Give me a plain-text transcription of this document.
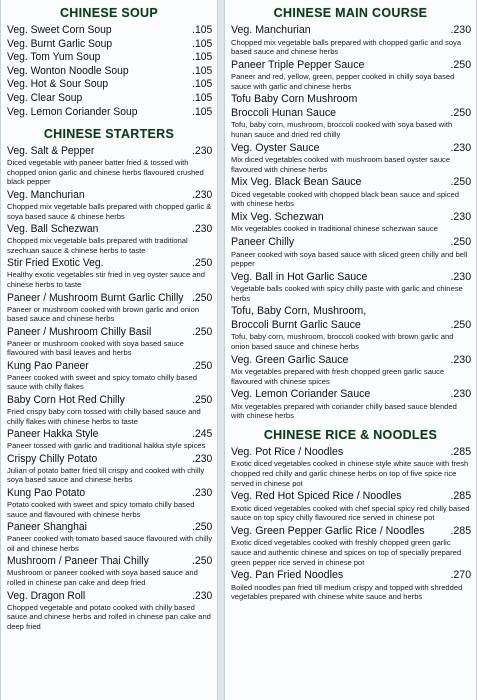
CHINESE SOUP
Veg. Sweet Corn Soup	.105
Veg. Burnt Garlic Soup	.105
Veg. Tom Yum Soup	.105
Veg. Wonton Noodle Soup	.105
Veg. Hot & Sour Soup	.105
Veg. Clear Soup	.105
Veg. Lemon Coriander Soup	.105
CHINESE STARTERS
Veg. Salt & Pepper	.230
Diced vegetable with paneer batter fried & tossed with chopped onion garlic and chinese herbs flavoured crushed black pepper
Veg. Manchurian	.230
Chopped mix vegetable balls prepared with chopped garlic & soya based sauce & chinese herbs
Veg. Ball Schezwan	.230
Chopped mix vegetable balls prepared with traditional szechuan sauce & chinese herbs to taste
Stir Fried Exotic Veg.	.250
Healthy exotic vegetables stir fried in veg oyster sauce and chinese herbs to taste
Paneer / Mushroom Burnt Garlic Chilly .250
Paneer or mushroom cooked with brown garlic and onion based sauce and chinese herbs
Paneer / Mushroom Chilly Basil	.250
Paneer or mushroom cooked with soya based sauce flavoured with basil leaves and herbs
Kung Pao Paneer	.250
Paneer cooked with sweet and spicy tomato chilly based sauce with chilly flakes
Baby Corn Hot Red Chilly	.250
Fried crispy baby corn tossed with chilly based sauce and chilly flakes with chinese herbs to taste
Paneer Hakka Style	.245
Paneer tossed with garlic and traditional hakka style spices
Crispy Chilly Potato	.230
Julian of potato batter fried till crispy and cooked with chilly soya based sauce and chinese herbs
Kung Pao Potato	.230
Potato cooked with sweet and spicy tomato chilly based sauce and flavoured with chinese herbs
Paneer Shanghai	.250
Paneer cooked with tomato based sauce flavoured with chilly oil and chinese herbs
Mushroom / Paneer Thai Chilly	.250
Mushroom or paneer cooked with soya based sauce and rolled in chinese pan cake and deep fried
Veg. Dragon Roll	.230
Chopped vegetable and potato cooked with chilly based sauce and chinese herbs and rolled in chinese pan cake and deep fried
CHINESE MAIN COURSE
Veg. Manchurian	.230
Chopped mix vegetable balls prepared with chopped garlic and soya based sauce and chinese herbs
Paneer Triple Pepper Sauce	.250
Paneer and red, yellow, green, pepper cooked in chilly soya based sauce with garlic and chinese herbs
Tofu Baby Corn Mushroom
Broccoli Hunan Sauce	.250
Tofu, baby corn, mushroom, broccoli cooked with soya based with hunan sauce and dried red chilly
Veg. Oyster Sauce	.230
Mix diced vegetables cooked with mushroom based oyster sauce flavoured with chinese herbs
Mix Veg. Black Bean Sauce	.250
Diced vegetable cooked with chopped black bean sauce and spiced with chinese herbs
Mix Veg. Schezwan	.230
Mix vegetables cooked in traditional chinese schezwan sauce
Paneer Chilly	.250
Paneer cooked with soya based sauce with sliced green chilly and bell pepper
Veg. Ball in Hot Garlic Sauce	.230
Vegetable balls cooked with spicy chilly paste with garlic and chinese herbs
Tofu, Baby Corn, Mushroom,
Broccoli Burnt Garlic Sauce	.250
Tofu, baby corn, mushroom, broccoli cooked with brown garlic and onion based sauce and chinese herbs
Veg. Green Garlic Sauce	.230
Mix vegetables prepared with fresh chopped green garlic sauce flavoured with chinese spices
Veg. Lemon Coriander Sauce	.230
Mix vegetables prepared with coriander chilly based sauce blended with chinese herbs
CHINESE RICE & NOODLES
Veg. Pot Rice / Noodles	.285
Exotic diced vegetables cooked in chinese style white sauce with fresh chopped red chilly and garlic chinese herbs on top of five spice rice served in chinese pot
Veg. Red Hot Spiced Rice / Noodles	.285
Exotic diced vegetables cooked with chef special spicy red chilly based sauce on top spicy chilly flavoured rice served in chinese pot
Veg. Green Pepper Garlic Rice / Noodles .285
Exotic diced vegetables cooked with freshly chopped green garlic sauce and authentic chinese and spices on top of specially prepared green pepper rice served in chinese pot
Veg. Pan Fried Noodles	.270
Boiled noodles pan fried till medium crispy and topped with shredded vegetables prepared with chinese white sauce and herbs
